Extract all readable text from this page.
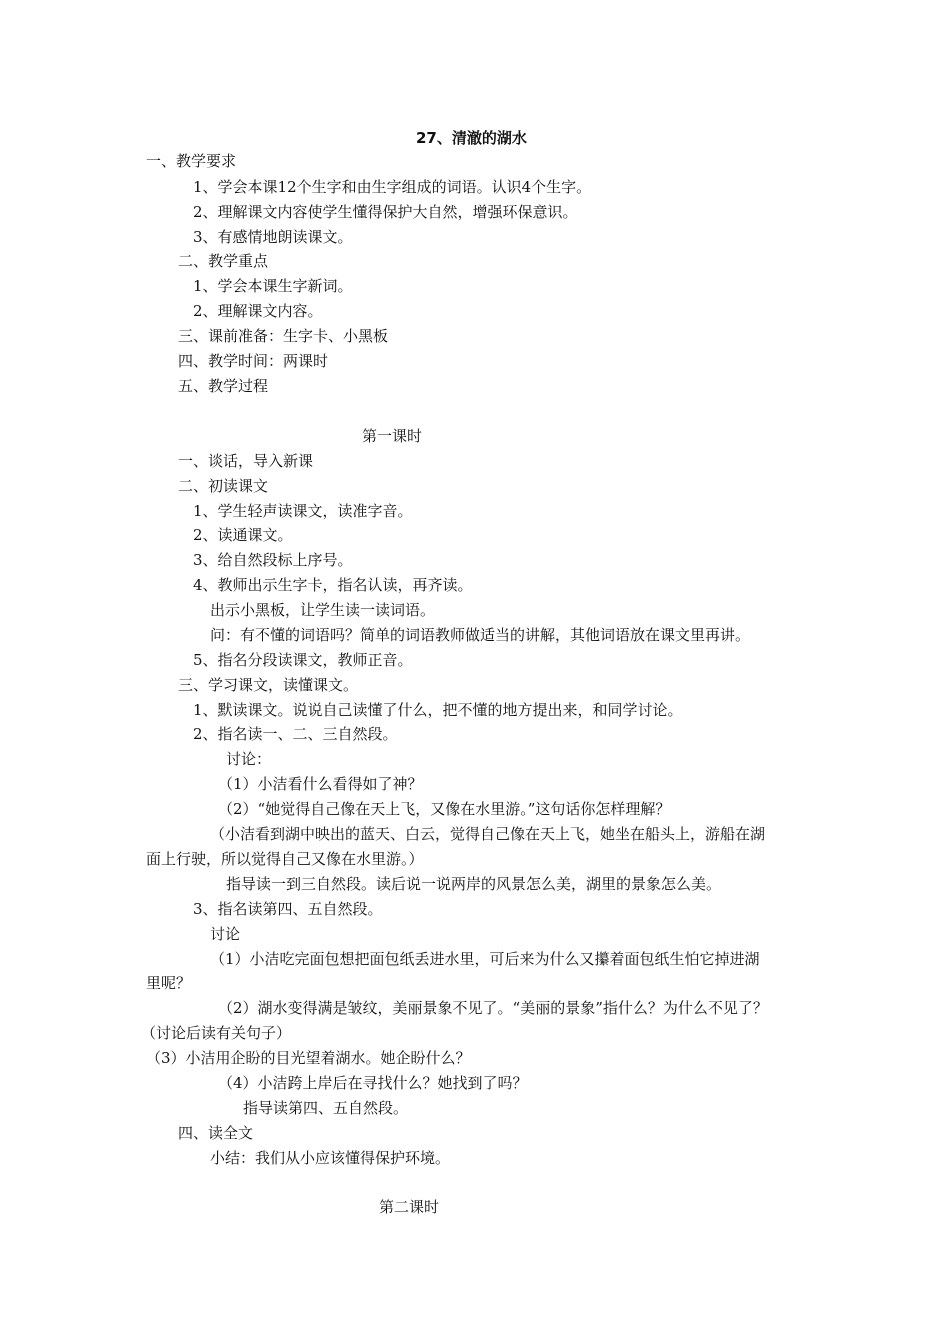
27、清澈的湖水
一、教学要求
1、学会本课12个生字和由生字组成的词语。认识4个生字。
2、理解课文内容使学生懂得保护大自然，增强环保意识。
3、有感情地朗读课文。
二、教学重点
1、学会本课生字新词。
2、理解课文内容。
三、课前准备：生字卡、小黑板
四、教学时间：两课时
五、教学过程
第一课时
一、谈话，导入新课
二、初读课文
1、学生轻声读课文，读准字音。
2、读通课文。
3、给自然段标上序号。
4、教师出示生字卡，指名认读，再齐读。
出示小黑板，让学生读一读词语。
问：有不懂的词语吗？简单的词语教师做适当的讲解，其他词语放在课文里再讲。
5、指名分段读课文，教师正音。
三、学习课文，读懂课文。
1、默读课文。说说自己读懂了什么，把不懂的地方提出来，和同学讨论。
2、指名读一、二、三自然段。
讨论：
（1）小洁看什么看得如了神？
（2）“她觉得自己像在天上飞，又像在水里游。”这句话你怎样理解？
（小洁看到湖中映出的蓝天、白云，觉得自己像在天上飞，她坐在船头上，游船在湖
面上行驶，所以觉得自己又像在水里游。）
指导读一到三自然段。读后说一说两岸的风景怎么美，湖里的景象怎么美。
3、指名读第四、五自然段。
讨论
（1）小洁吃完面包想把面包纸丢进水里，可后来为什么又攥着面包纸生怕它掉进湖
里呢？
（2）湖水变得满是皱纹，美丽景象不见了。“美丽的景象”指什么？为什么不见了？
（讨论后读有关句子）
（3）小洁用企盼的目光望着湖水。她企盼什么？
（4）小洁跨上岸后在寻找什么？她找到了吗？
指导读第四、五自然段。
四、读全文
小结：我们从小应该懂得保护环境。
第二课时
